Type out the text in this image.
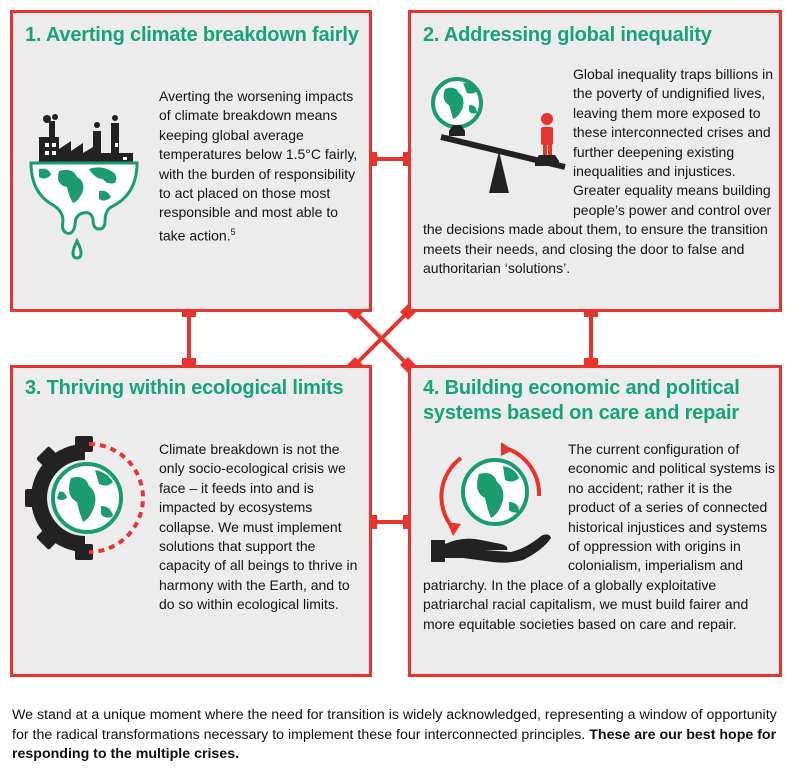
1. Averting climate breakdown fairly
Averting the worsening impacts of climate breakdown means keeping global average temperatures below 1.5°C fairly, with the burden of responsibility to act placed on those most responsible and most able to take action.$^5$
2. Addressing global inequality
Global inequality traps billions in the poverty of undignified lives, leaving them more exposed to these interconnected crises and further deepening existing inequalities and injustices. Greater equality means building people’s power and control over the decisions made about them, to ensure the transition meets their needs, and closing the door to false and authoritarian ‘solutions’.
3. Thriving within ecological limits
Climate breakdown is not the only socio-ecological crisis we face – it feeds into and is impacted by ecosystems collapse. We must implement solutions that support the capacity of all beings to thrive in harmony with the Earth, and to do so within ecological limits.
4. Building economic and political systems based on care and repair
The current configuration of economic and political systems is no accident; rather it is the product of a series of connected historical injustices and systems of oppression with origins in colonialism, imperialism and patriarchy. In the place of a globally exploitative patriarchal racial capitalism, we must build fairer and more equitable societies based on care and repair.

We stand at a unique moment where the need for transition is widely acknowledged, representing a window of opportunity for the radical transformations necessary to implement these four interconnected principles. These are our best hope for responding to the multiple crises.
